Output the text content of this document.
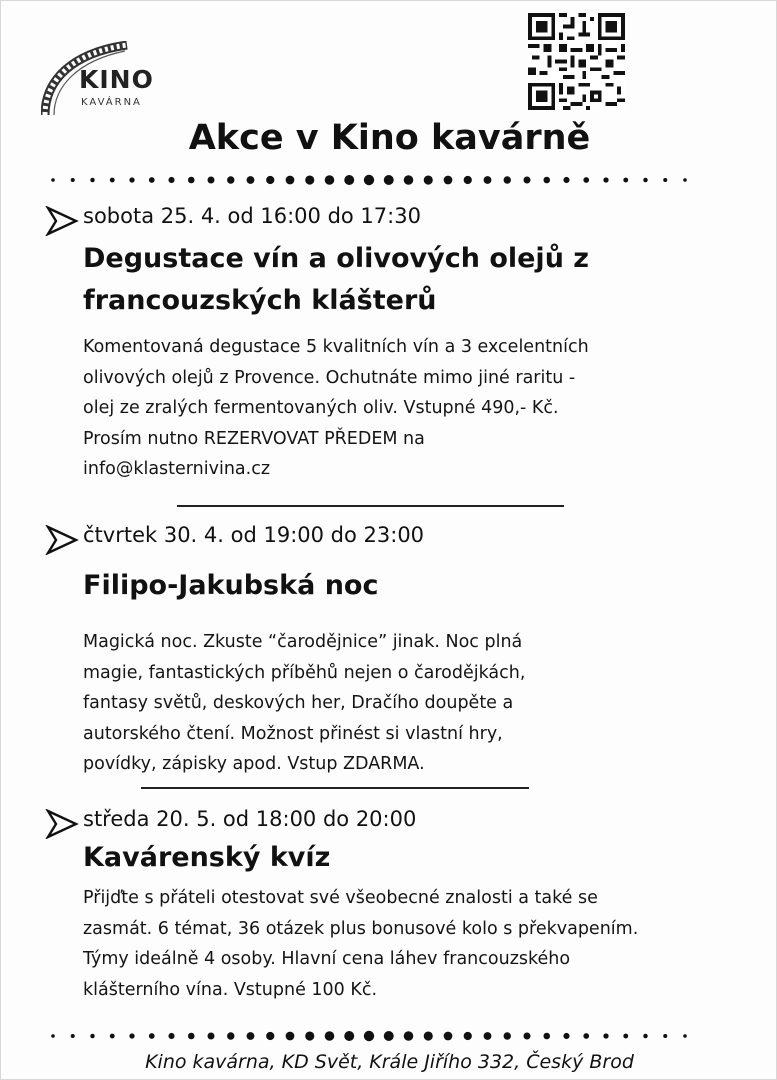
KINO
KAVÁRNA
Akce v Kino kavárně
sobota 25. 4. od 16:00 do 17:30
Degustace vín a olivových olejů z
francouzských klášterů
Komentovaná degustace 5 kvalitních vín a 3 excelentních
olivových olejů z Provence. Ochutnáte mimo jiné raritu -
olej ze zralých fermentovaných oliv. Vstupné 490,- Kč.
Prosím nutno REZERVOVAT PŘEDEM na
info@klasternivina.cz
čtvrtek 30. 4. od 19:00 do 23:00
Filipo-Jakubská noc
Magická noc. Zkuste “čarodějnice” jinak. Noc plná
magie, fantastických příběhů nejen o čarodějkách,
fantasy světů, deskových her, Dračího doupěte a
autorského čtení. Možnost přinést si vlastní hry,
povídky, zápisky apod. Vstup ZDARMA.
středa 20. 5. od 18:00 do 20:00
Kavárenský kvíz
Přijďte s přáteli otestovat své všeobecné znalosti a také se
zasmát. 6 témat, 36 otázek plus bonusové kolo s překvapením.
Týmy ideálně 4 osoby. Hlavní cena láhev francouzského
klášterního vína. Vstupné 100 Kč.
Kino kavárna, KD Svět, Krále Jiřího 332, Český Brod
